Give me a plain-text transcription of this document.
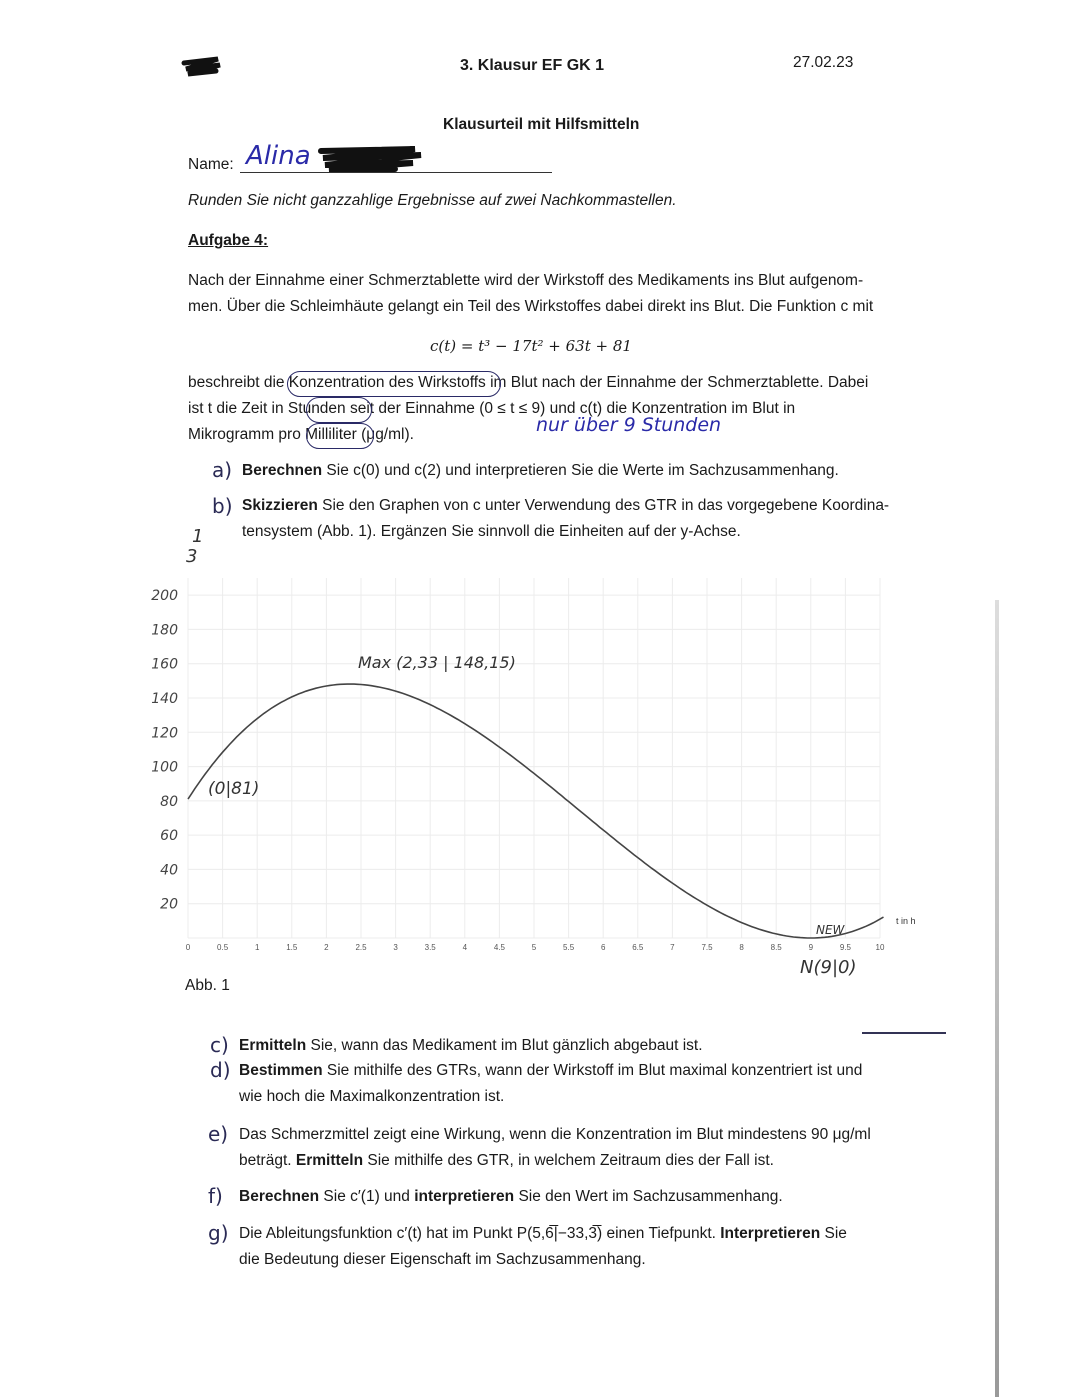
3. Klausur EF GK 1	27.02.23
Klausurteil mit Hilfsmitteln
Name: Alina
Runden Sie nicht ganzzahlige Ergebnisse auf zwei Nachkommastellen.
Aufgabe 4:
Nach der Einnahme einer Schmerztablette wird der Wirkstoff des Medikaments ins Blut aufgenom-
men. Über die Schleimhäute gelangt ein Teil des Wirkstoffes dabei direkt ins Blut. Die Funktion c mit
c(t) = t³ − 17t² + 63t + 81
beschreibt die Konzentration des Wirkstoffs im Blut nach der Einnahme der Schmerztablette. Dabei
ist t die Zeit in Stunden seit der Einnahme (0 ≤ t ≤ 9) und c(t) die Konzentration im Blut in
Mikrogramm pro Milliliter (μg/ml).	nur über 9 Stunden
a) Berechnen Sie c(0) und c(2) und interpretieren Sie die Werte im Sachzusammenhang.
b) Skizzieren Sie den Graphen von c unter Verwendung des GTR in das vorgegebene Koordina-
tensystem (Abb. 1). Ergänzen Sie sinnvoll die Einheiten auf der y-Achse.
1
3
0	0.5	1	1.5	2	2.5	3	3.5	4	4.5	5	5.5	6	6.5	7	7.5	8	8.5	9	9.5	10
20
40
60
80
100
120
140
160
180
200
t in h
(0|81)
Max (2,33 | 148,15)
NEW
N(9|0)
Abb. 1
c) Ermitteln Sie, wann das Medikament im Blut gänzlich abgebaut ist.
d) Bestimmen Sie mithilfe des GTRs, wann der Wirkstoff im Blut maximal konzentriert ist und
wie hoch die Maximalkonzentration ist.
e) Das Schmerzmittel zeigt eine Wirkung, wenn die Konzentration im Blut mindestens 90 μg/ml
beträgt. Ermitteln Sie mithilfe des GTR, in welchem Zeitraum dies der Fall ist.
f) Berechnen Sie c′(1) und interpretieren Sie den Wert im Sachzusammenhang.
g) Die Ableitungsfunktion c′(t) hat im Punkt P(5,6̅|−33,3̅) einen Tiefpunkt. Interpretieren Sie
die Bedeutung dieser Eigenschaft im Sachzusammenhang.
